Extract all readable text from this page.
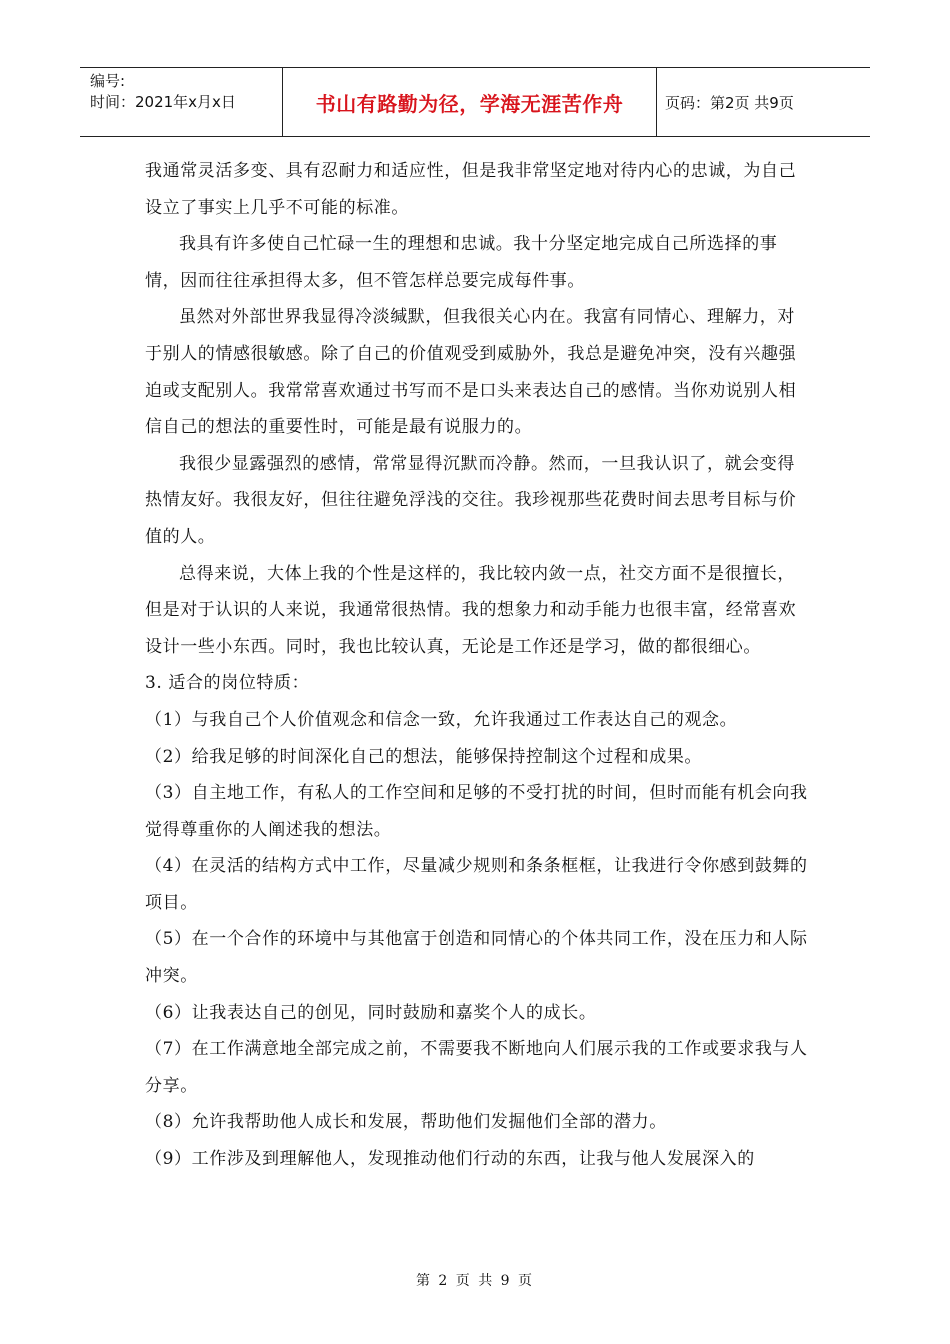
编号:
时间：2021年x月x日	书山有路勤为径，学海无涯苦作舟	页码：第2页 共9页

我通常灵活多变、具有忍耐力和适应性，但是我非常坚定地对待内心的忠诚，为自己设立了事实上几乎不可能的标准。

我具有许多使自己忙碌一生的理想和忠诚。我十分坚定地完成自己所选择的事情，因而往往承担得太多，但不管怎样总要完成每件事。

虽然对外部世界我显得冷淡缄默，但我很关心内在。我富有同情心、理解力，对于别人的情感很敏感。除了自己的价值观受到威胁外，我总是避免冲突，没有兴趣强迫或支配别人。我常常喜欢通过书写而不是口头来表达自己的感情。当你劝说别人相信自己的想法的重要性时，可能是最有说服力的。

我很少显露强烈的感情，常常显得沉默而冷静。然而，一旦我认识了，就会变得热情友好。我很友好，但往往避免浮浅的交往。我珍视那些花费时间去思考目标与价值的人。

总得来说，大体上我的个性是这样的，我比较内敛一点，社交方面不是很擅长，但是对于认识的人来说，我通常很热情。我的想象力和动手能力也很丰富，经常喜欢设计一些小东西。同时，我也比较认真，无论是工作还是学习，做的都很细心。

3. 适合的岗位特质：

（1）与我自己个人价值观念和信念一致，允许我通过工作表达自己的观念。

（2）给我足够的时间深化自己的想法，能够保持控制这个过程和成果。

（3）自主地工作，有私人的工作空间和足够的不受打扰的时间，但时而能有机会向我觉得尊重你的人阐述我的想法。

（4）在灵活的结构方式中工作，尽量减少规则和条条框框，让我进行令你感到鼓舞的项目。

（5）在一个合作的环境中与其他富于创造和同情心的个体共同工作，没在压力和人际冲突。

（6）让我表达自己的创见，同时鼓励和嘉奖个人的成长。

（7）在工作满意地全部完成之前，不需要我不断地向人们展示我的工作或要求我与人分享。

（8）允许我帮助他人成长和发展，帮助他们发掘他们全部的潜力。

（9）工作涉及到理解他人，发现推动他们行动的东西，让我与他人发展深入的

第 2 页 共 9 页
